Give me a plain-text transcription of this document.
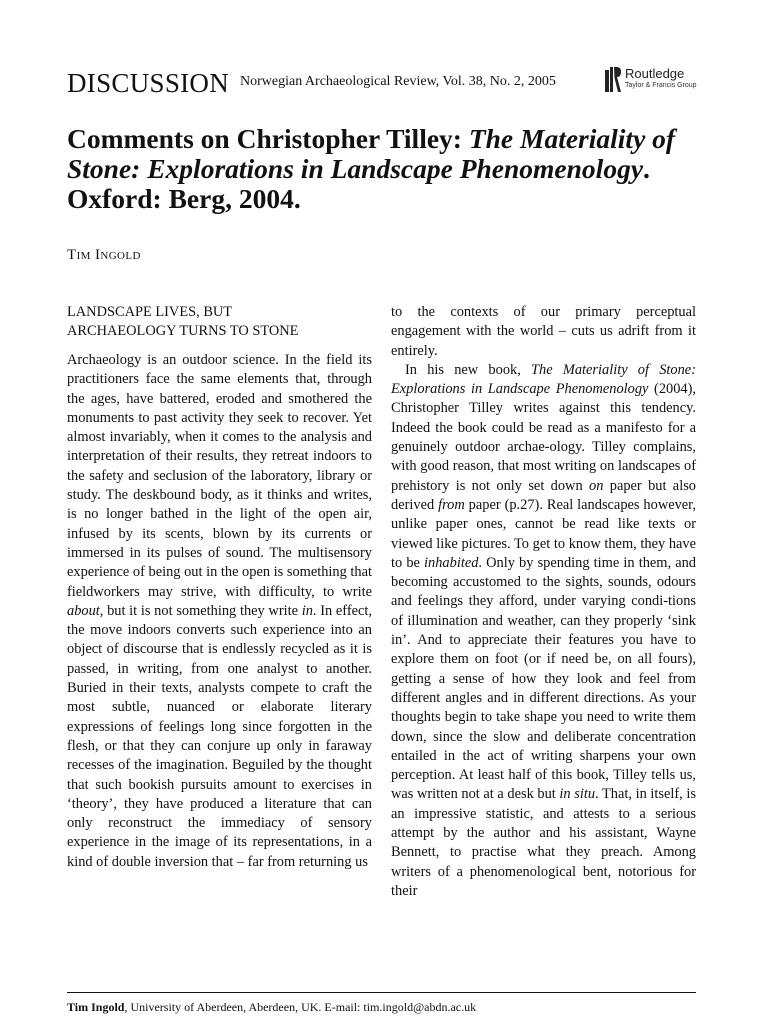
DISCUSSION Norwegian Archaeological Review, Vol. 38, No. 2, 2005
Routledge
Taylor & Francis Group
Comments on Christopher Tilley: The Materiality of Stone: Explorations in Landscape Phenomenology. Oxford: Berg, 2004.
Tim Ingold
LANDSCAPE LIVES, BUT
ARCHAEOLOGY TURNS TO STONE

Archaeology is an outdoor science. In the field its practitioners face the same elements that, through the ages, have battered, eroded and smothered the monuments to past activity they seek to recover. Yet almost invariably, when it comes to the analysis and interpretation of their results, they retreat indoors to the safety and seclusion of the laboratory, library or study. The deskbound body, as it thinks and writes, is no longer bathed in the light of the open air, infused by its scents, blown by its currents or immersed in its pulses of sound. The multisensory experience of being out in the open is something that fieldworkers may strive, with difficulty, to write about, but it is not something they write in. In effect, the move indoors converts such experience into an object of discourse that is endlessly recycled as it is passed, in writing, from one analyst to another. Buried in their texts, analysts compete to craft the most subtle, nuanced or elaborate literary expressions of feelings long since forgotten in the flesh, or that they can conjure up only in faraway recesses of the imagination. Beguiled by the thought that such bookish pursuits amount to exercises in ‘theory’, they have produced a literature that can only reconstruct the immediacy of sensory experience in the image of its representations, in a kind of double inversion that – far from returning us

to the contexts of our primary perceptual engagement with the world – cuts us adrift from it entirely.

In his new book, The Materiality of Stone: Explorations in Landscape Phenomenology (2004), Christopher Tilley writes against this tendency. Indeed the book could be read as a manifesto for a genuinely outdoor archae-ology. Tilley complains, with good reason, that most writing on landscapes of prehistory is not only set down on paper but also derived from paper (p.27). Real landscapes however, unlike paper ones, cannot be read like texts or viewed like pictures. To get to know them, they have to be inhabited. Only by spending time in them, and becoming accustomed to the sights, sounds, odours and feelings they afford, under varying condi-tions of illumination and weather, can they properly ‘sink in’. And to appreciate their features you have to explore them on foot (or if need be, on all fours), getting a sense of how they look and feel from different angles and in different directions. As your thoughts begin to take shape you need to write them down, since the slow and deliberate concentration entailed in the act of writing sharpens your own perception. At least half of this book, Tilley tells us, was written not at a desk but in situ. That, in itself, is an impressive statistic, and attests to a serious attempt by the author and his assistant, Wayne Bennett, to practise what they preach. Among writers of a phenomenological bent, notorious for their

Tim Ingold, University of Aberdeen, Aberdeen, UK. E-mail: tim.ingold@abdn.ac.uk
